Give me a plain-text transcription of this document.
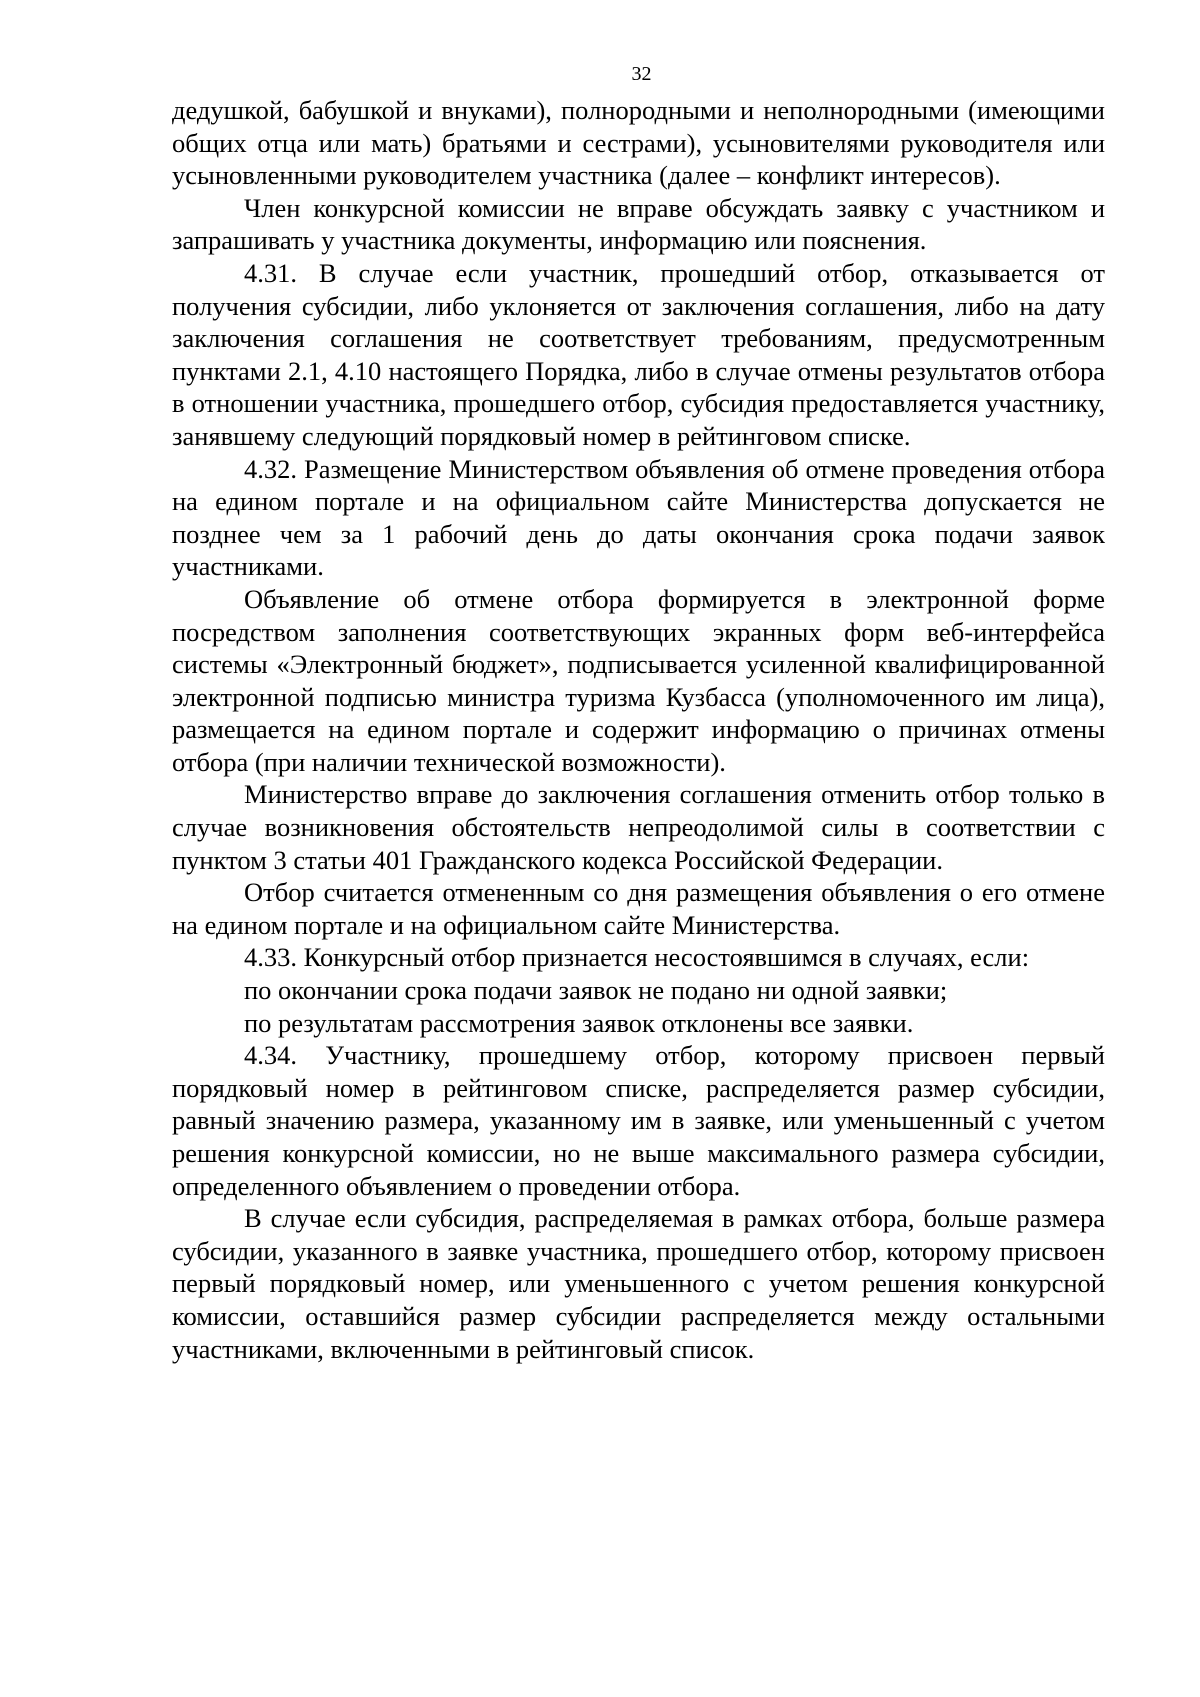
32

дедушкой, бабушкой и внуками), полнородными и неполнородными (имеющими общих отца или мать) братьями и сестрами), усыновителями руководителя или усыновленными руководителем участника (далее – конфликт интересов).

Член конкурсной комиссии не вправе обсуждать заявку с участником и запрашивать у участника документы, информацию или пояснения.

4.31. В случае если участник, прошедший отбор, отказывается от получения субсидии, либо уклоняется от заключения соглашения, либо на дату заключения соглашения не соответствует требованиям, предусмотренным пунктами 2.1, 4.10 настоящего Порядка, либо в случае отмены результатов отбора в отношении участника, прошедшего отбор, субсидия предоставляется участнику, занявшему следующий порядковый номер в рейтинговом списке.

4.32. Размещение Министерством объявления об отмене проведения отбора на едином портале и на официальном сайте Министерства допускается не позднее чем за 1 рабочий день до даты окончания срока подачи заявок участниками.

Объявление об отмене отбора формируется в электронной форме посредством заполнения соответствующих экранных форм веб-интерфейса системы «Электронный бюджет», подписывается усиленной квалифицированной электронной подписью министра туризма Кузбасса (уполномоченного им лица), размещается на едином портале и содержит информацию о причинах отмены отбора (при наличии технической возможности).

Министерство вправе до заключения соглашения отменить отбор только в случае возникновения обстоятельств непреодолимой силы в соответствии с пунктом 3 статьи 401 Гражданского кодекса Российской Федерации.

Отбор считается отмененным со дня размещения объявления о его отмене на едином портале и на официальном сайте Министерства.

4.33. Конкурсный отбор признается несостоявшимся в случаях, если:

по окончании срока подачи заявок не подано ни одной заявки;

по результатам рассмотрения заявок отклонены все заявки.

4.34. Участнику, прошедшему отбор, которому присвоен первый порядковый номер в рейтинговом списке, распределяется размер субсидии, равный значению размера, указанному им в заявке, или уменьшенный с учетом решения конкурсной комиссии, но не выше максимального размера субсидии, определенного объявлением о проведении отбора.

В случае если субсидия, распределяемая в рамках отбора, больше размера субсидии, указанного в заявке участника, прошедшего отбор, которому присвоен первый порядковый номер, или уменьшенного с учетом решения конкурсной комиссии, оставшийся размер субсидии распределяется между остальными участниками, включенными в рейтинговый список.
